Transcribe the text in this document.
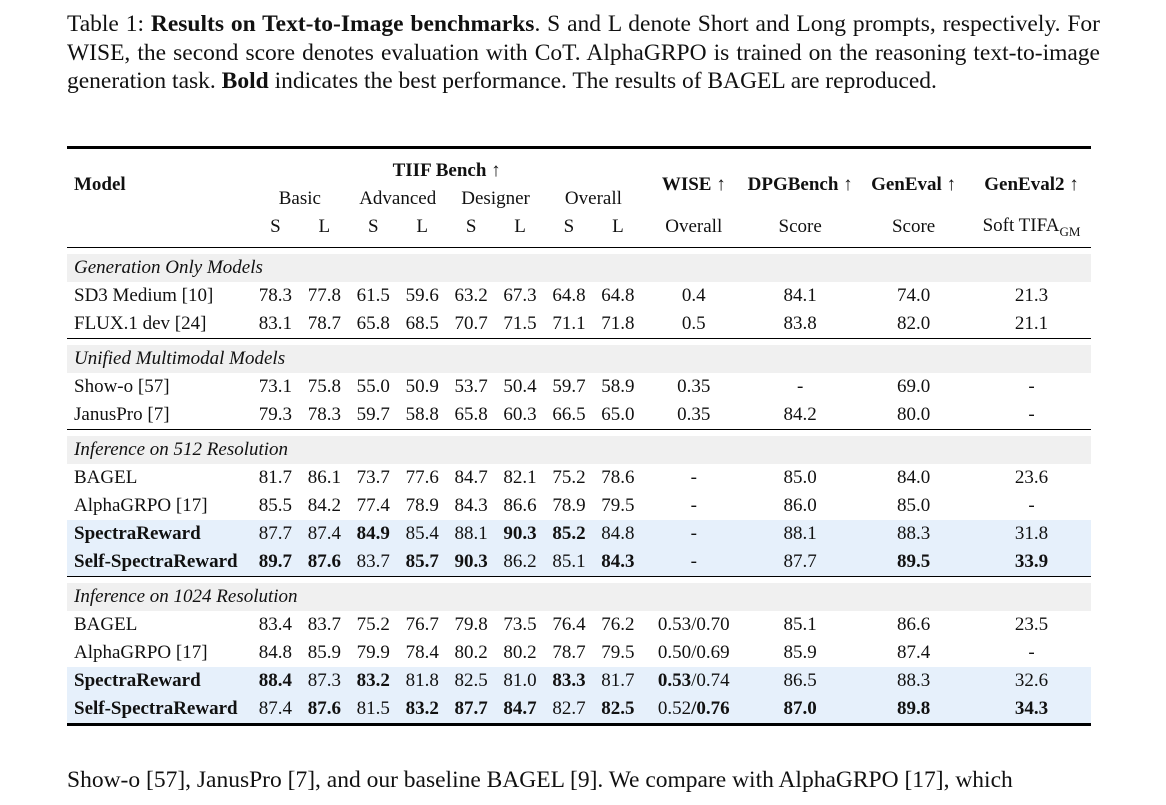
Table 1: Results on Text-to-Image benchmarks. S and L denote Short and Long prompts, respectively. For WISE, the second score denotes evaluation with CoT. AlphaGRPO is trained on the reasoning text-to-image generation task. Bold indicates the best performance. The results of BAGEL are reproduced.
Model	TIIF Bench ↑								WISE ↑	DPGBench ↑	GenEval ↑	GenEval2 ↑
	Basic		Advanced		Designer		Overall					
	S	L	S	L	S	L	S	L	Overall	Score	Score	Soft $TIFA_{GM}$

Generation Only Models												
SD3 Medium [10]	78.3	77.8	61.5	59.6	63.2	67.3	64.8	64.8	0.4	84.1	74.0	21.3
FLUX.1 dev [24]	83.1	78.7	65.8	68.5	70.7	71.5	71.1	71.8	0.5	83.8	82.0	21.1

Unified Multimodal Models												
Show-o [57]	73.1	75.8	55.0	50.9	53.7	50.4	59.7	58.9	0.35	-	69.0	-
JanusPro [7]	79.3	78.3	59.7	58.8	65.8	60.3	66.5	65.0	0.35	84.2	80.0	-

Inference on 512 Resolution												
BAGEL	81.7	86.1	73.7	77.6	84.7	82.1	75.2	78.6	-	85.0	84.0	23.6
AlphaGRPO [17]	85.5	84.2	77.4	78.9	84.3	86.6	78.9	79.5	-	86.0	85.0	-
SpectraReward	87.7	87.4	84.9	85.4	88.1	90.3	85.2	84.8	-	88.1	88.3	31.8
Self-SpectraReward	89.7	87.6	83.7	85.7	90.3	86.2	85.1	84.3	-	87.7	89.5	33.9

Inference on 1024 Resolution												
BAGEL	83.4	83.7	75.2	76.7	79.8	73.5	76.4	76.2	0.53/0.70	85.1	86.6	23.5
AlphaGRPO [17]	84.8	85.9	79.9	78.4	80.2	80.2	78.7	79.5	0.50/0.69	85.9	87.4	-
SpectraReward	88.4	87.3	83.2	81.8	82.5	81.0	83.3	81.7	0.53/0.74	86.5	88.3	32.6
Self-SpectraReward	87.4	87.6	81.5	83.2	87.7	84.7	82.7	82.5	0.52/0.76	87.0	89.8	34.3
Show-o [57], JanusPro [7], and our baseline BAGEL [9]. We compare with AlphaGRPO [17], which
